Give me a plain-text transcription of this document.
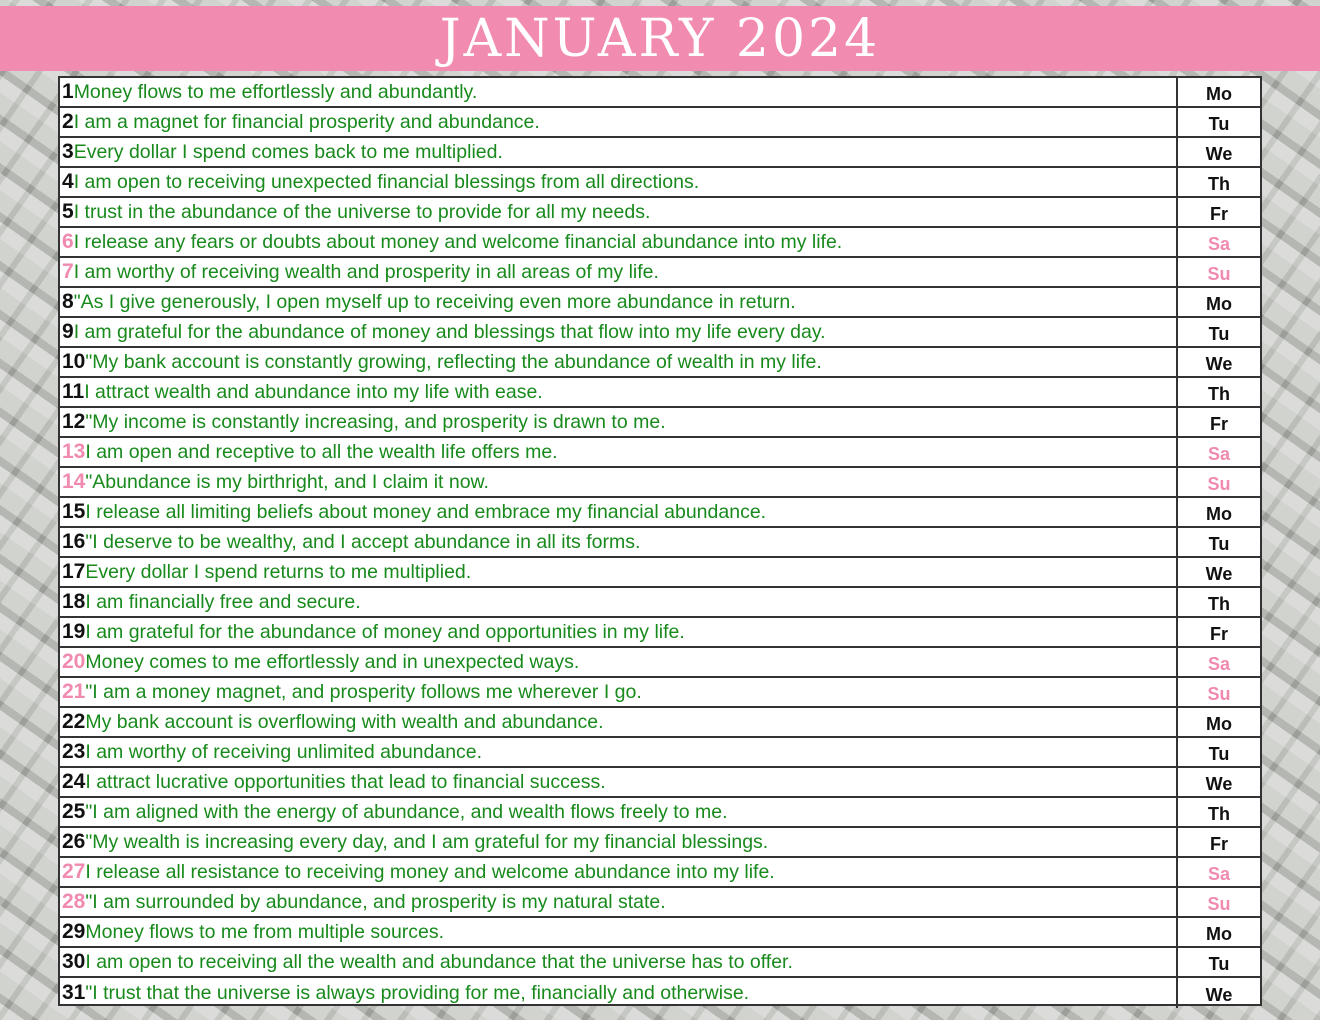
JANUARY 2024
1 Money flows to me effortlessly and abundantly.	Mo
2 I am a magnet for financial prosperity and abundance.	Tu
3 Every dollar I spend comes back to me multiplied.	We
4 I am open to receiving unexpected financial blessings from all directions.	Th
5 I trust in the abundance of the universe to provide for all my needs.	Fr
6 I release any fears or doubts about money and welcome financial abundance into my life.	Sa
7 I am worthy of receiving wealth and prosperity in all areas of my life.	Su
8 "As I give generously, I open myself up to receiving even more abundance in return.	Mo
9 I am grateful for the abundance of money and blessings that flow into my life every day.	Tu
10 "My bank account is constantly growing, reflecting the abundance of wealth in my life.	We
11 I attract wealth and abundance into my life with ease.	Th
12 "My income is constantly increasing, and prosperity is drawn to me.	Fr
13 I am open and receptive to all the wealth life offers me.	Sa
14 "Abundance is my birthright, and I claim it now.	Su
15 I release all limiting beliefs about money and embrace my financial abundance.	Mo
16 "I deserve to be wealthy, and I accept abundance in all its forms.	Tu
17 Every dollar I spend returns to me multiplied.	We
18 I am financially free and secure.	Th
19 I am grateful for the abundance of money and opportunities in my life.	Fr
20 Money comes to me effortlessly and in unexpected ways.	Sa
21 "I am a money magnet, and prosperity follows me wherever I go.	Su
22 My bank account is overflowing with wealth and abundance.	Mo
23 I am worthy of receiving unlimited abundance.	Tu
24 I attract lucrative opportunities that lead to financial success.	We
25 "I am aligned with the energy of abundance, and wealth flows freely to me.	Th
26 "My wealth is increasing every day, and I am grateful for my financial blessings.	Fr
27 I release all resistance to receiving money and welcome abundance into my life.	Sa
28 "I am surrounded by abundance, and prosperity is my natural state.	Su
29 Money flows to me from multiple sources.	Mo
30 I am open to receiving all the wealth and abundance that the universe has to offer.	Tu
31 "I trust that the universe is always providing for me, financially and otherwise.	We
